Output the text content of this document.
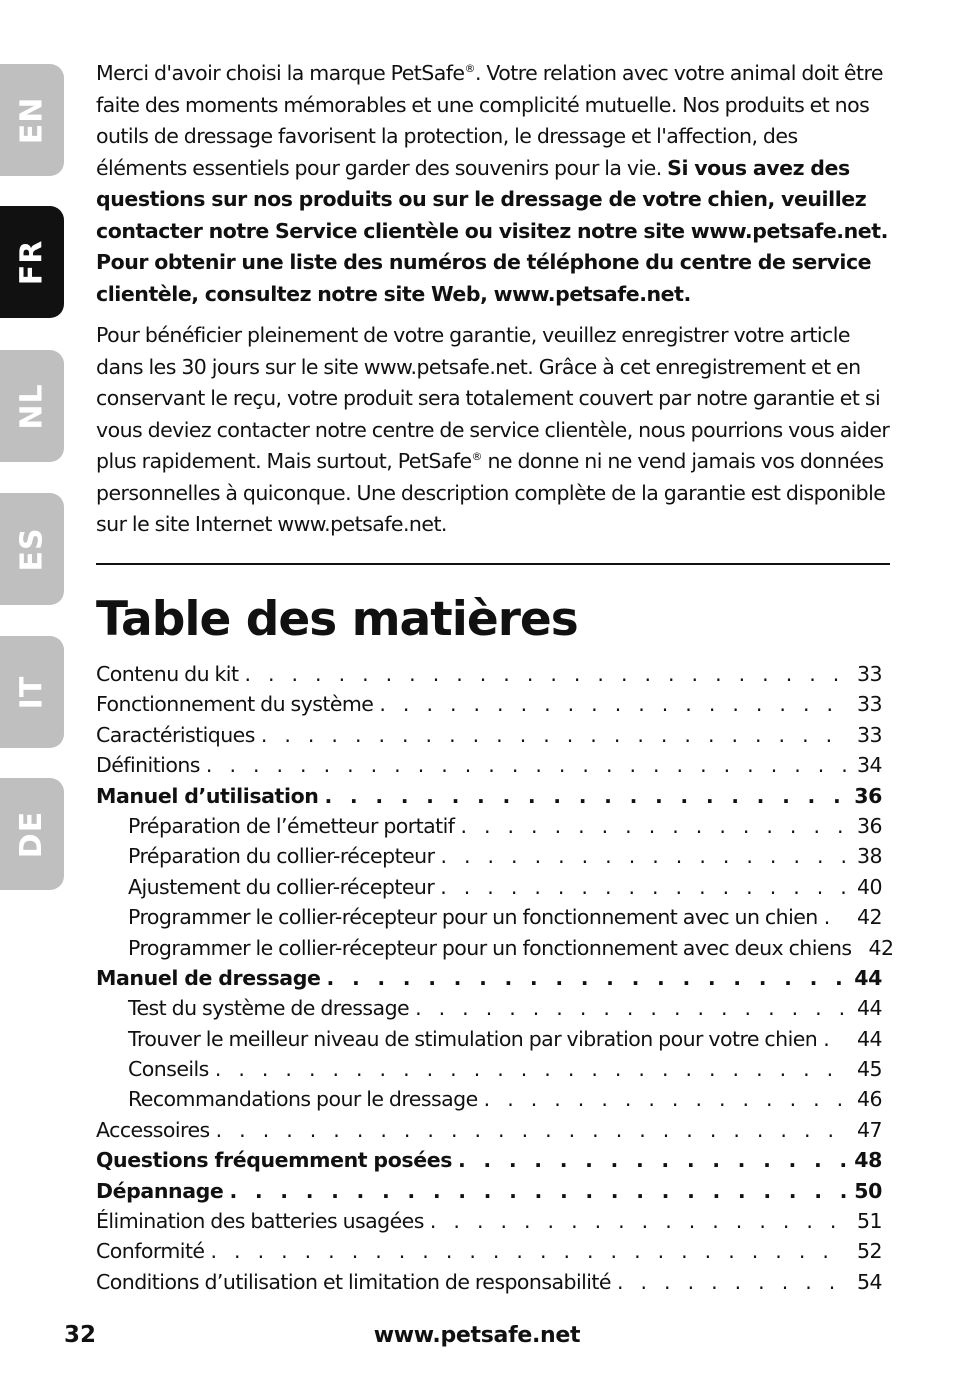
EN
FR
NL
ES
IT
DE

Merci d'avoir choisi la marque PetSafe®. Votre relation avec votre animal doit être faite des moments mémorables et une complicité mutuelle. Nos produits et nos outils de dressage favorisent la protection, le dressage et l'affection, des éléments essentiels pour garder des souvenirs pour la vie. Si vous avez des questions sur nos produits ou sur le dressage de votre chien, veuillez contacter notre Service clientèle ou visitez notre site www.petsafe.net. Pour obtenir une liste des numéros de téléphone du centre de service clientèle, consultez notre site Web, www.petsafe.net.

Pour bénéficier pleinement de votre garantie, veuillez enregistrer votre article dans les 30 jours sur le site www.petsafe.net. Grâce à cet enregistrement et en conservant le reçu, votre produit sera totalement couvert par notre garantie et si vous deviez contacter notre centre de service clientèle, nous pourrions vous aider plus rapidement. Mais surtout, PetSafe® ne donne ni ne vend jamais vos données personnelles à quiconque. Une description complète de la garantie est disponible sur le site Internet www.petsafe.net.

Table des matières
Contenu du kit . . .	33
Fonctionnement du système . . .	33
Caractéristiques . . .	33
Définitions . . .	34
Manuel d’utilisation . . .	36
Préparation de l’émetteur portatif . . .	36
Préparation du collier-récepteur . . .	38
Ajustement du collier-récepteur . . .	40
Programmer le collier-récepteur pour un fonctionnement avec un chien . . . 42
Programmer le collier-récepteur pour un fonctionnement avec deux chiens 42
Manuel de dressage . . .	44
Test du système de dressage . . .	44
Trouver le meilleur niveau de stimulation par vibration pour votre chien . . . 44
Conseils . . .	45
Recommandations pour le dressage . . .	46
Accessoires . . .	47
Questions fréquemment posées . . .	48
Dépannage . . .	50
Élimination des batteries usagées . . .	51
Conformité . . .	52
Conditions d’utilisation et limitation de responsabilité . . .	54
32	www.petsafe.net
